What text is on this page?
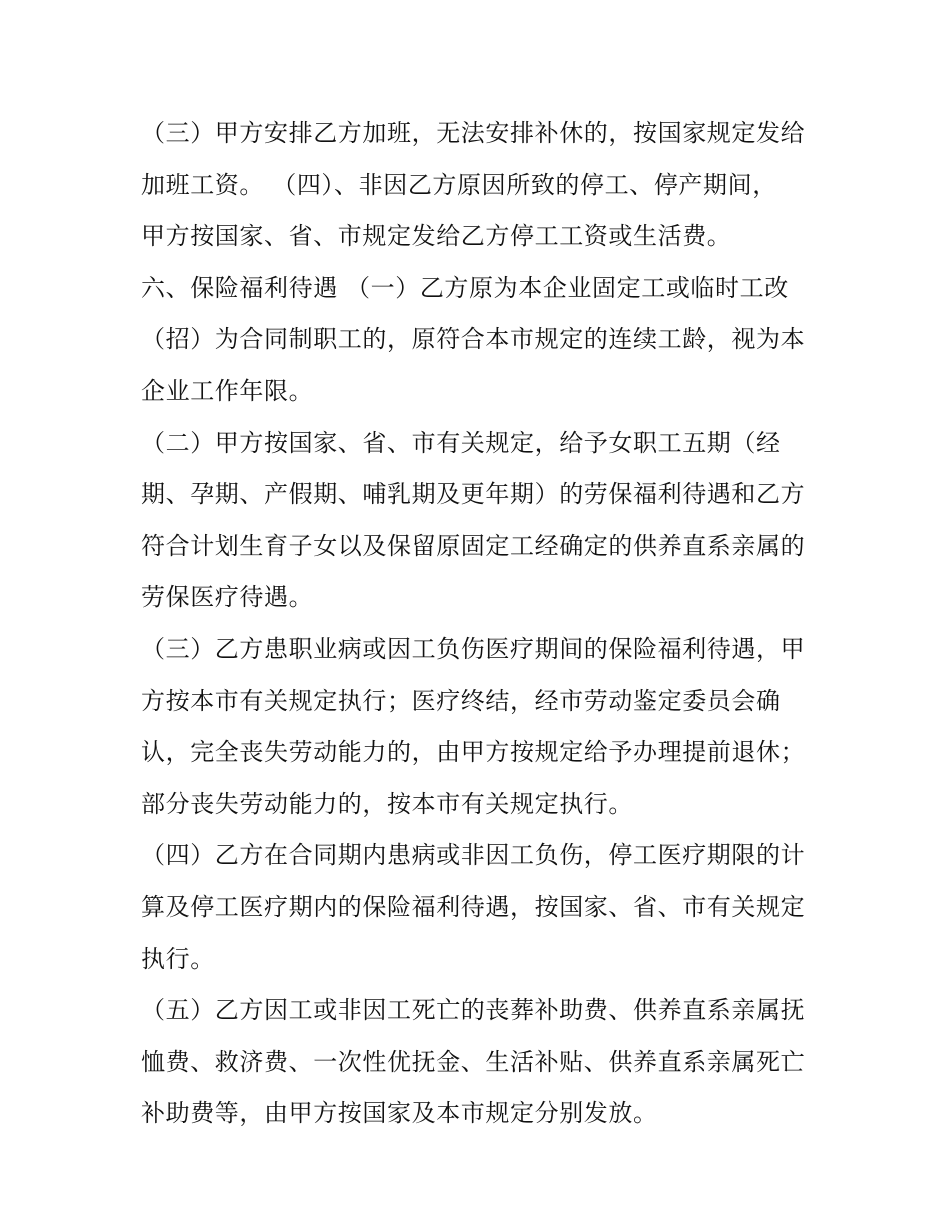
（三）甲方安排乙方加班，无法安排补休的，按国家规定发给
加班工资。 （四）、非因乙方原因所致的停工、停产期间，
甲方按国家、省、市规定发给乙方停工工资或生活费。
六、保险福利待遇 （一）乙方原为本企业固定工或临时工改
（招）为合同制职工的，原符合本市规定的连续工龄，视为本
企业工作年限。
（二）甲方按国家、省、市有关规定，给予女职工五期（经
期、孕期、产假期、哺乳期及更年期）的劳保福利待遇和乙方
符合计划生育子女以及保留原固定工经确定的供养直系亲属的
劳保医疗待遇。
（三）乙方患职业病或因工负伤医疗期间的保险福利待遇，甲
方按本市有关规定执行；医疗终结，经市劳动鉴定委员会确
认，完全丧失劳动能力的，由甲方按规定给予办理提前退休；
部分丧失劳动能力的，按本市有关规定执行。
（四）乙方在合同期内患病或非因工负伤，停工医疗期限的计
算及停工医疗期内的保险福利待遇，按国家、省、市有关规定
执行。
（五）乙方因工或非因工死亡的丧葬补助费、供养直系亲属抚
恤费、救济费、一次性优抚金、生活补贴、供养直系亲属死亡
补助费等，由甲方按国家及本市规定分别发放。
